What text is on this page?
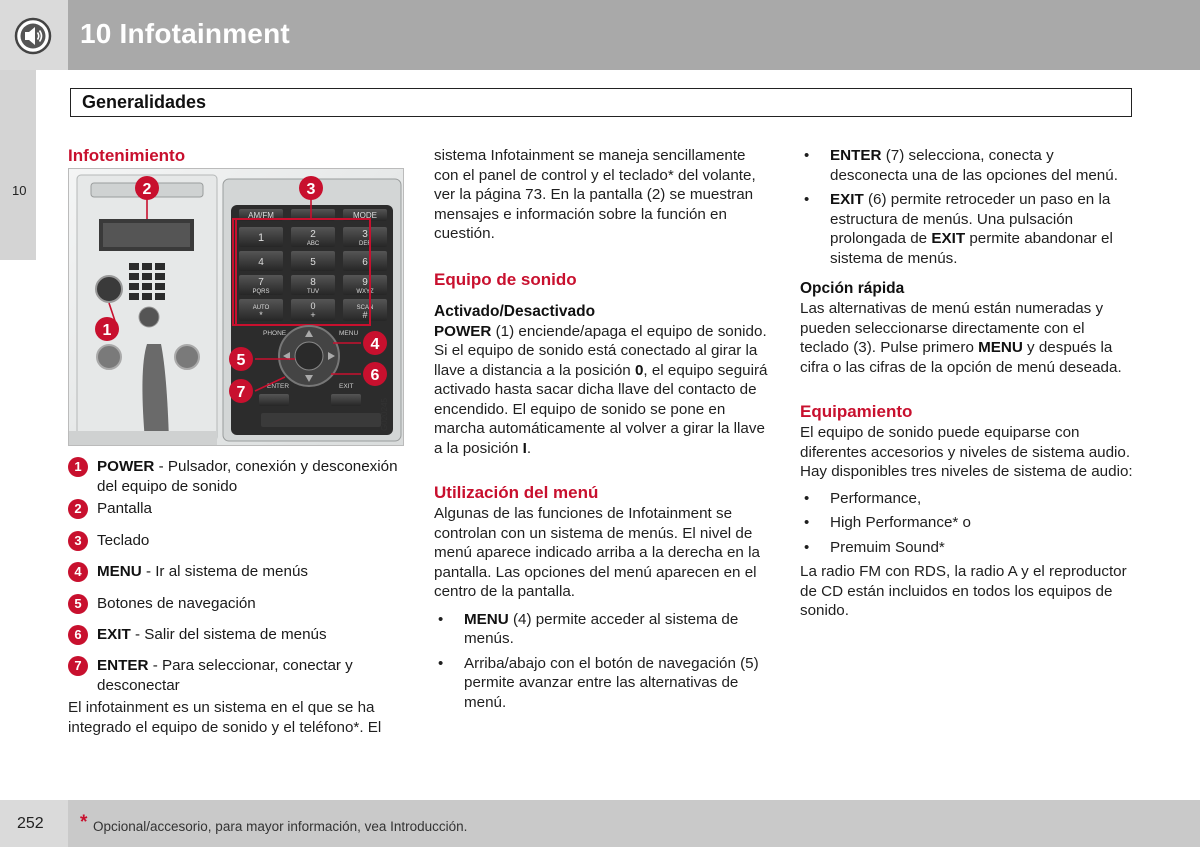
10 Infotainment
10
Generalidades
Infotenimiento
AM/FM	MODE
1	2
ABC
3
DEF
4	5	6
7
PQRS
8
TUV
9
WXYZ
AUTO
*
0
+
SCAN
#
PHONE	MENU
ENTER	EXIT
G020245
2	3
1
4
5
6
7
1	POWER - Pulsador, conexión y desconexión del equipo de sonido
2	Pantalla
3	Teclado
4	MENU - Ir al sistema de menús
5	Botones de navegación
6	EXIT - Salir del sistema de menús
7	ENTER - Para seleccionar, conectar y desconectar
El infotainment es un sistema en el que se ha integrado el equipo de sonido y el teléfono*. El

sistema Infotainment se maneja sencillamente con el panel de control y el teclado* del volante, ver la página 73. En la pantalla (2) se muestran mensajes e información sobre la función en cuestión.

Equipo de sonido

Activado/Desactivado

POWER (1) enciende/apaga el equipo de sonido. Si el equipo de sonido está conectado al girar la llave a distancia a la posición 0, el equipo seguirá activado hasta sacar dicha llave del contacto de encendido. El equipo de sonido se pone en marcha automáticamente al volver a girar la llave a la posición I.

Utilización del menú

Algunas de las funciones de Infotainment se controlan con un sistema de menús. El nivel de menú aparece indicado arriba a la derecha en la pantalla. Las opciones del menú aparecen en el centro de la pantalla.

• MENU (4) permite acceder al sistema de menús.

• Arriba/abajo con el botón de navegación (5) permite avanzar entre las alternativas de menú.

• ENTER (7) selecciona, conecta y desconecta una de las opciones del menú.

• EXIT (6) permite retroceder un paso en la estructura de menús. Una pulsación prolongada de EXIT permite abandonar el sistema de menús.

Opción rápida

Las alternativas de menú están numeradas y pueden seleccionarse directamente con el teclado (3). Pulse primero MENU y después la cifra o las cifras de la opción de menú deseada.

Equipamiento

El equipo de sonido puede equiparse con diferentes accesorios y niveles de sistema audio. Hay disponibles tres niveles de sistema de audio:

• Performance,

• High Performance* o

• Premuim Sound*

La radio FM con RDS, la radio A y el reproductor de CD están incluidos en todos los equipos de sonido.

252 * Opcional/accesorio, para mayor información, vea Introducción.
